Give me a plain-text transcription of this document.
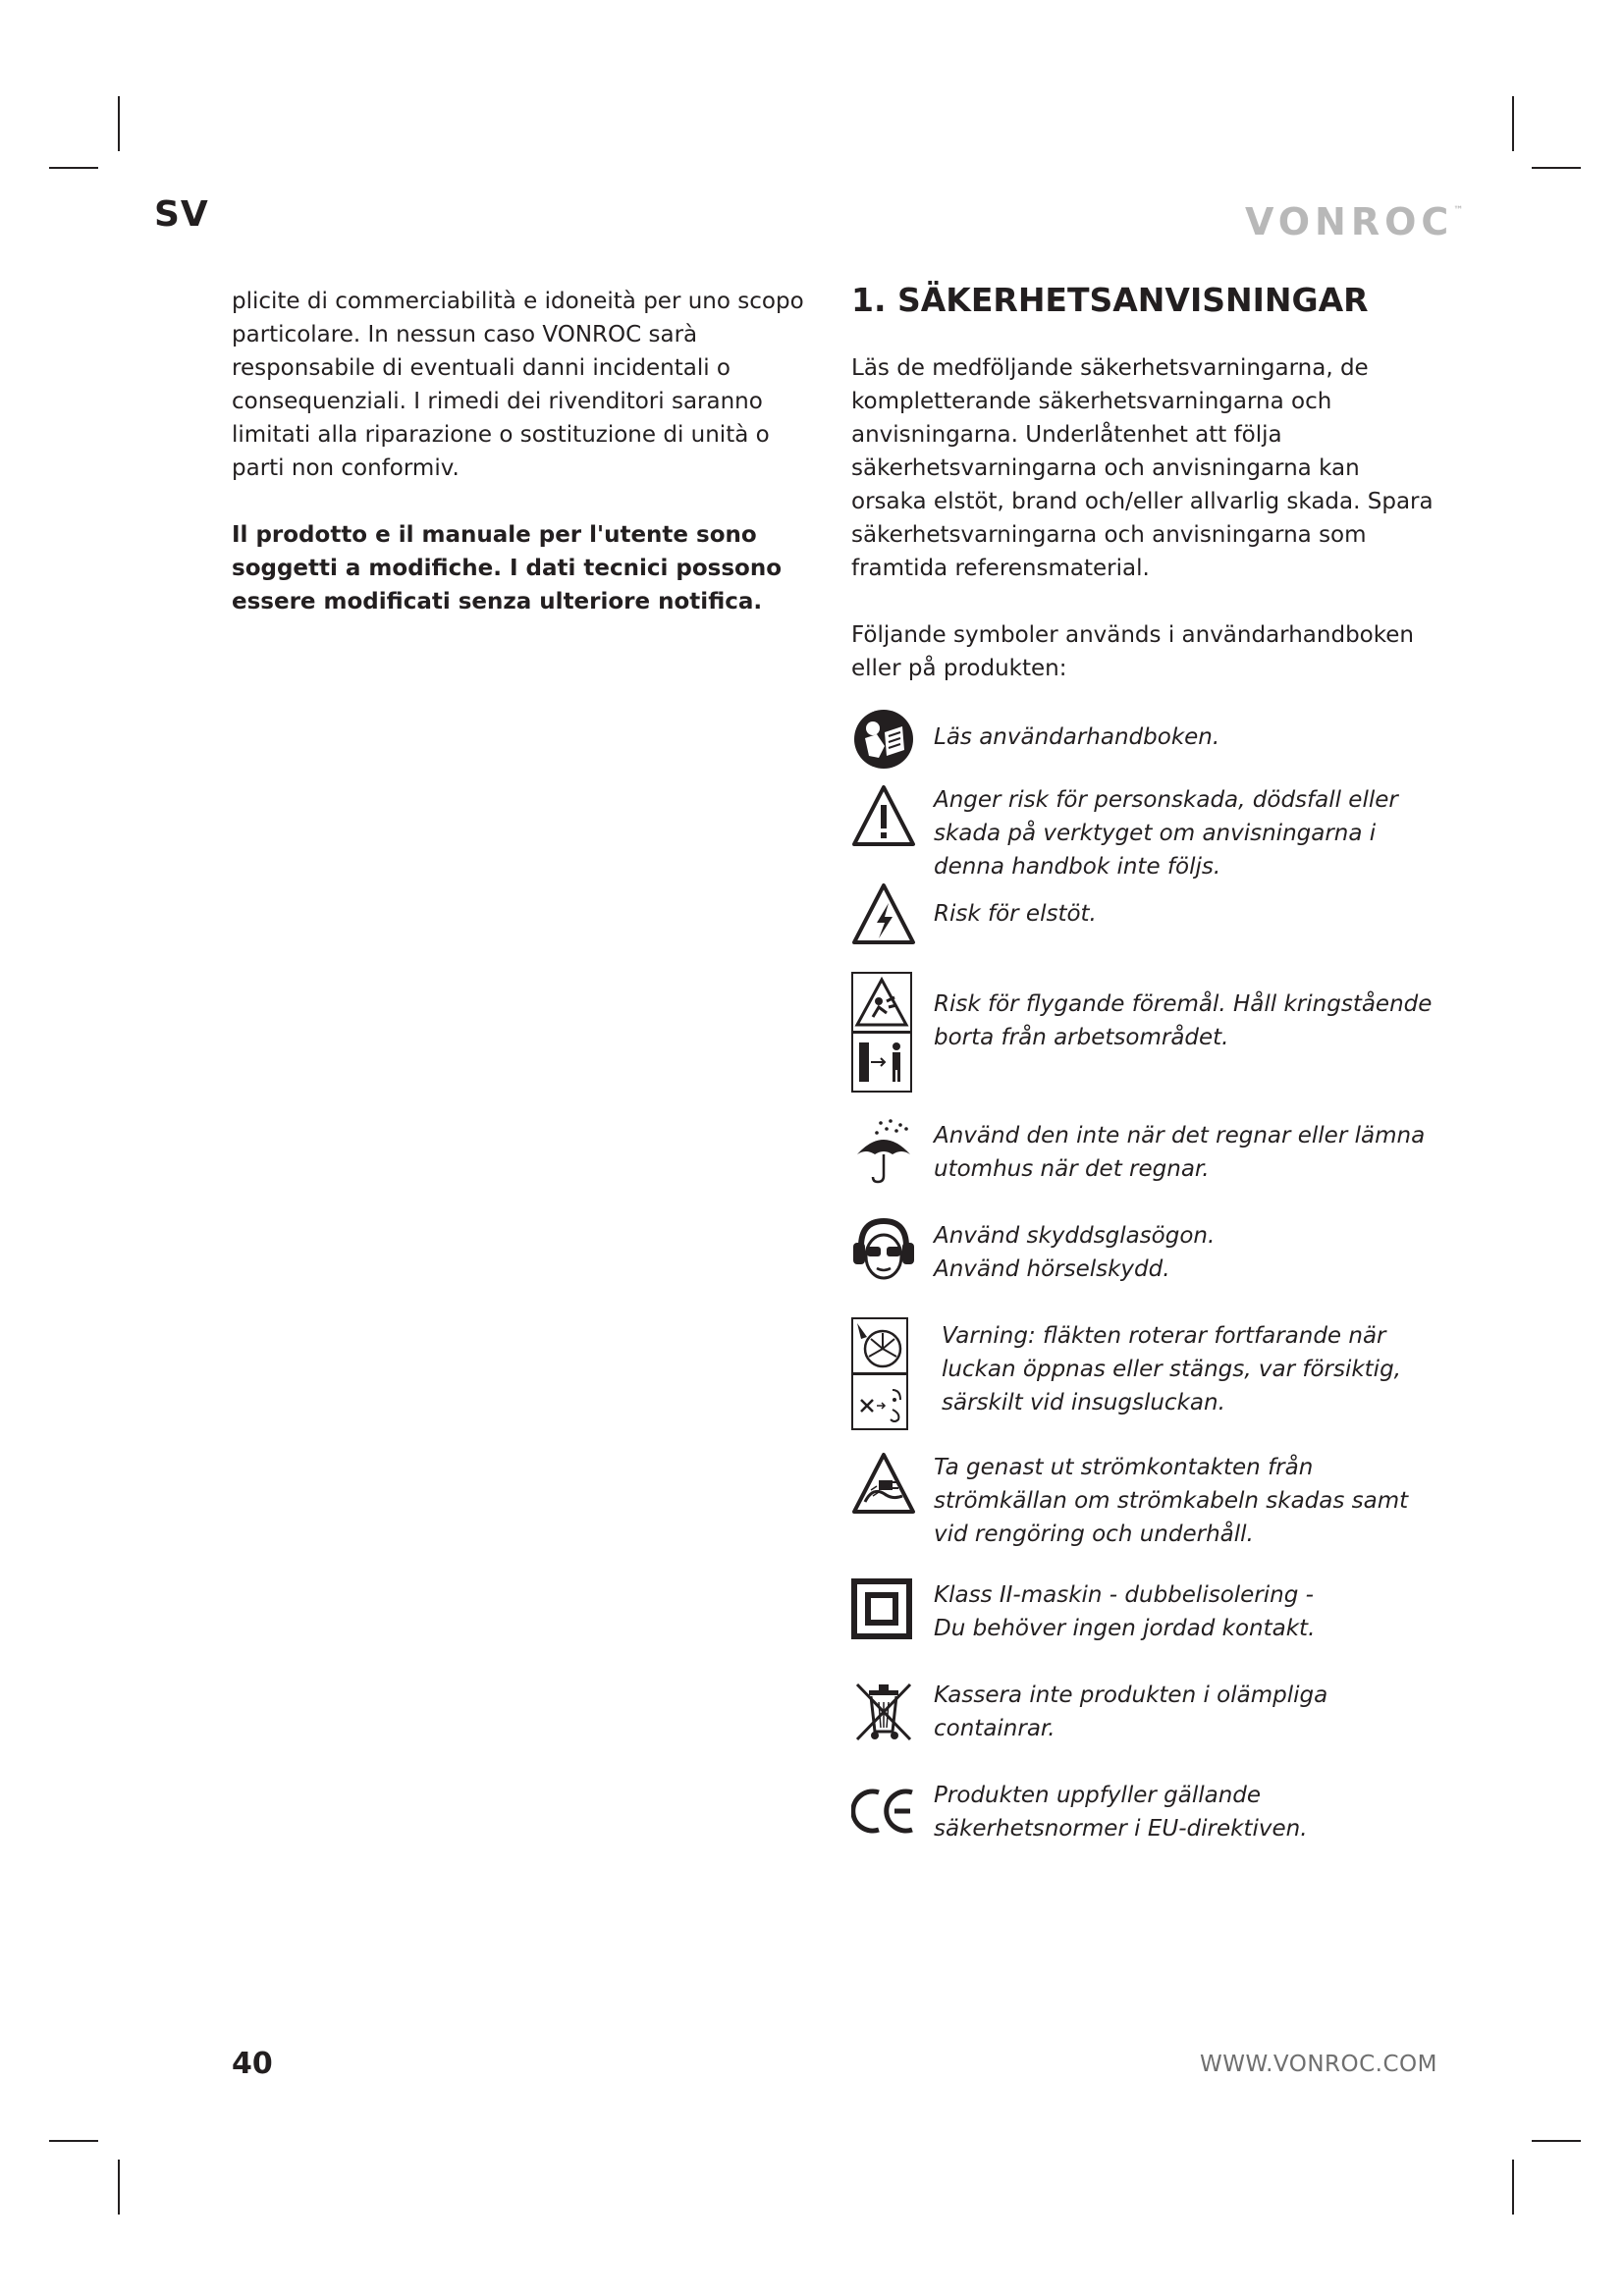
SV	VONROC™

plicite di commerciabilità e idoneità per uno scopo particolare. In nessun caso VONROC sarà responsabile di eventuali danni incidentali o consequenziali. I rimedi dei rivenditori saranno limitati alla riparazione o sostituzione di unità o parti non conformiv.

Il prodotto e il manuale per l'utente sono soggetti a modifiche. I dati tecnici possono essere modificati senza ulteriore notifica.

1. SÄKERHETSANVISNINGAR

Läs de medföljande säkerhetsvarningarna, de kompletterande säkerhetsvarningarna och anvisningarna. Underlåtenhet att följa säkerhetsvarningarna och anvisningarna kan orsaka elstöt, brand och/eller allvarlig skada. Spara säkerhetsvarningarna och anvisningarna som framtida referensmaterial.

Följande symboler används i användarhandboken eller på produkten:

Läs användarhandboken.
Anger risk för personskada, dödsfall eller skada på verktyget om anvisningarna i denna handbok inte följs.
Risk för elstöt.
Risk för flygande föremål. Håll kringstående borta från arbetsområdet.
Använd den inte när det regnar eller lämna utomhus när det regnar.
Använd skyddsglasögon.
Använd hörselskydd.
Varning: fläkten roterar fortfarande när luckan öppnas eller stängs, var försiktig, särskilt vid insugsluckan.
Ta genast ut strömkontakten från strömkällan om strömkabeln skadas samt vid rengöring och underhåll.
Klass II-maskin - dubbelisolering -
Du behöver ingen jordad kontakt.
Kassera inte produkten i olämpliga containrar.
Produkten uppfyller gällande säkerhetsnormer i EU-direktiven.
40	WWW.VONROC.COM
